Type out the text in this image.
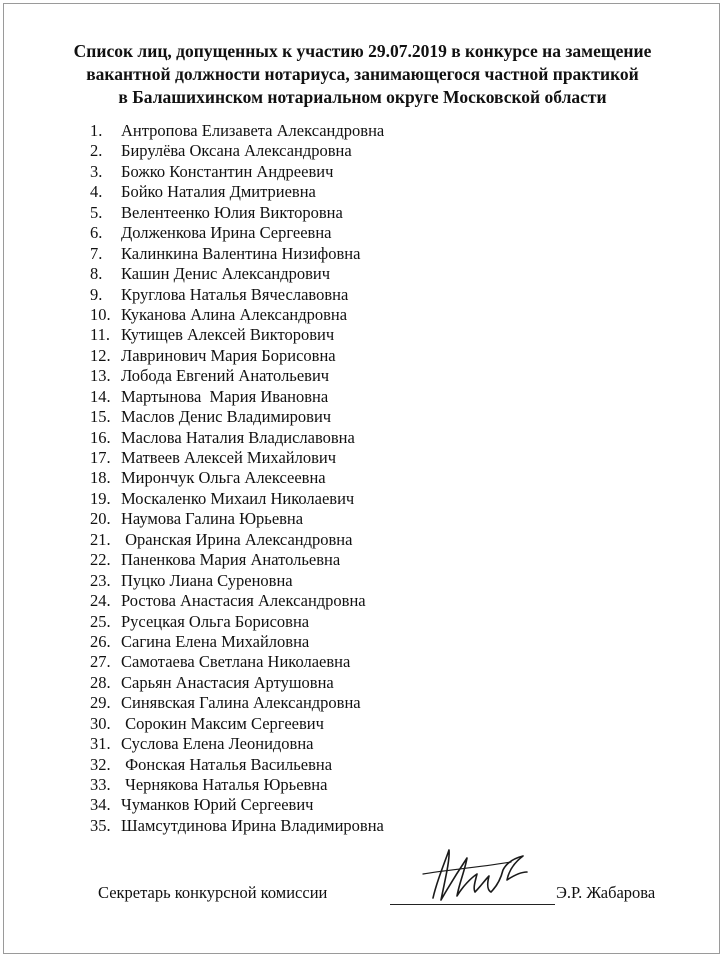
Список лиц, допущенных к участию 29.07.2019 в конкурсе на замещение
вакантной должности нотариуса, занимающегося частной практикой
в Балашихинском нотариальном округе Московской области
1.	Антропова Елизавета Александровна
2.	Бирулёва Оксана Александровна
3.	Божко Константин Андреевич
4.	Бойко Наталия Дмитриевна
5.	Велентеенко Юлия Викторовна
6.	Долженкова Ирина Сергеевна
7.	Калинкина Валентина Низифовна
8.	Кашин Денис Александрович
9.	Круглова Наталья Вячеславовна
10. Куканова Алина Александровна
11. Кутищев Алексей Викторович
12. Лавринович Мария Борисовна
13. Лобода Евгений Анатольевич
14. Мартынова  Мария Ивановна
15. Маслов Денис Владимирович
16. Маслова Наталия Владиславовна
17. Матвеев Алексей Михайлович
18. Мирончук Ольга Алексеевна
19. Москаленко Михаил Николаевич
20. Наумова Галина Юрьевна
21. Оранская Ирина Александровна
22. Паненкова Мария Анатольевна
23. Пуцко Лиана Суреновна
24. Ростова Анастасия Александровна
25. Русецкая Ольга Борисовна
26. Сагина Елена Михайловна
27. Самотаева Светлана Николаевна
28. Сарьян Анастасия Артушовна
29. Синявская Галина Александровна
30. Сорокин Максим Сергеевич
31. Суслова Елена Леонидовна
32. Фонская Наталья Васильевна
33. Чернякова Наталья Юрьевна
34. Чуманков Юрий Сергеевич
35. Шамсутдинова Ирина Владимировна
Секретарь конкурсной комиссии	Э.Р. Жабарова
